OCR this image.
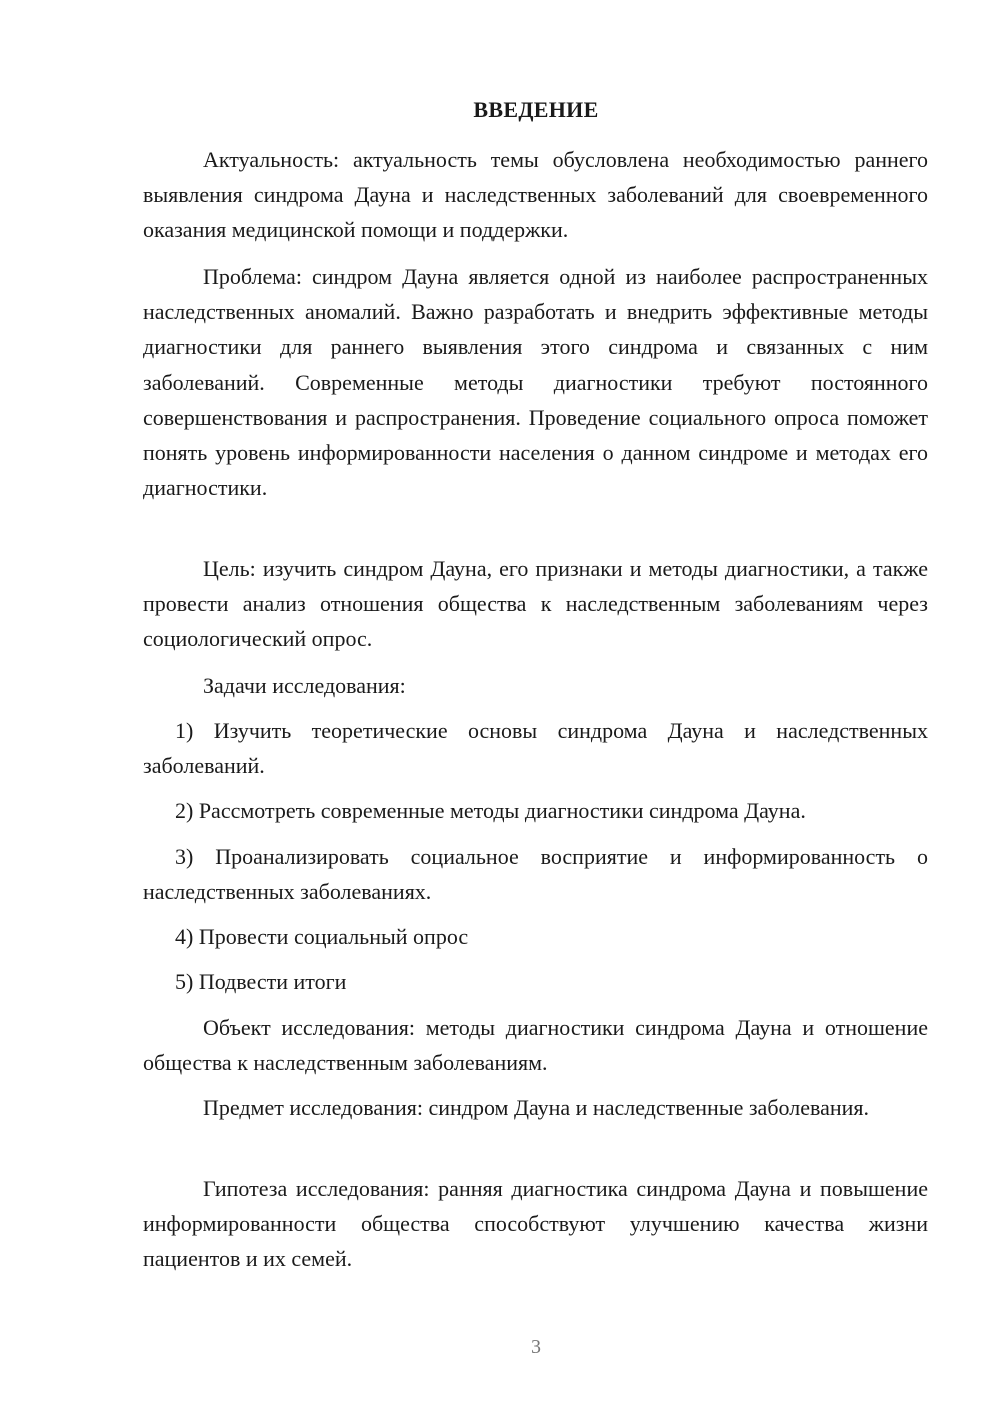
ВВЕДЕНИЕ

Актуальность: актуальность темы обусловлена необходимостью раннего выявления синдрома Дауна и наследственных заболеваний для своевременного оказания медицинской помощи и поддержки.

Проблема: синдром Дауна является одной из наиболее распространенных наследственных аномалий. Важно разработать и внедрить эффективные методы диагностики для раннего выявления этого синдрома и связанных с ним заболеваний. Современные методы диагностики требуют постоянного совершенствования и распространения. Проведение социального опроса поможет понять уровень информированности населения о данном синдроме и методах его диагностики.

Цель: изучить синдром Дауна, его признаки и методы диагностики, а также провести анализ отношения общества к наследственным заболеваниям через социологический опрос.

Задачи исследования:

1) Изучить теоретические основы синдрома Дауна и наследственных заболеваний.

2) Рассмотреть современные методы диагностики синдрома Дауна.

3) Проанализировать социальное восприятие и информированность о наследственных заболеваниях.

4) Провести социальный опрос

5) Подвести итоги

Объект исследования: методы диагностики синдрома Дауна и отношение общества к наследственным заболеваниям.

Предмет исследования: синдром Дауна и наследственные заболевания.

Гипотеза исследования: ранняя диагностика синдрома Дауна и повышение информированности общества способствуют улучшению качества жизни пациентов и их семей.

3
